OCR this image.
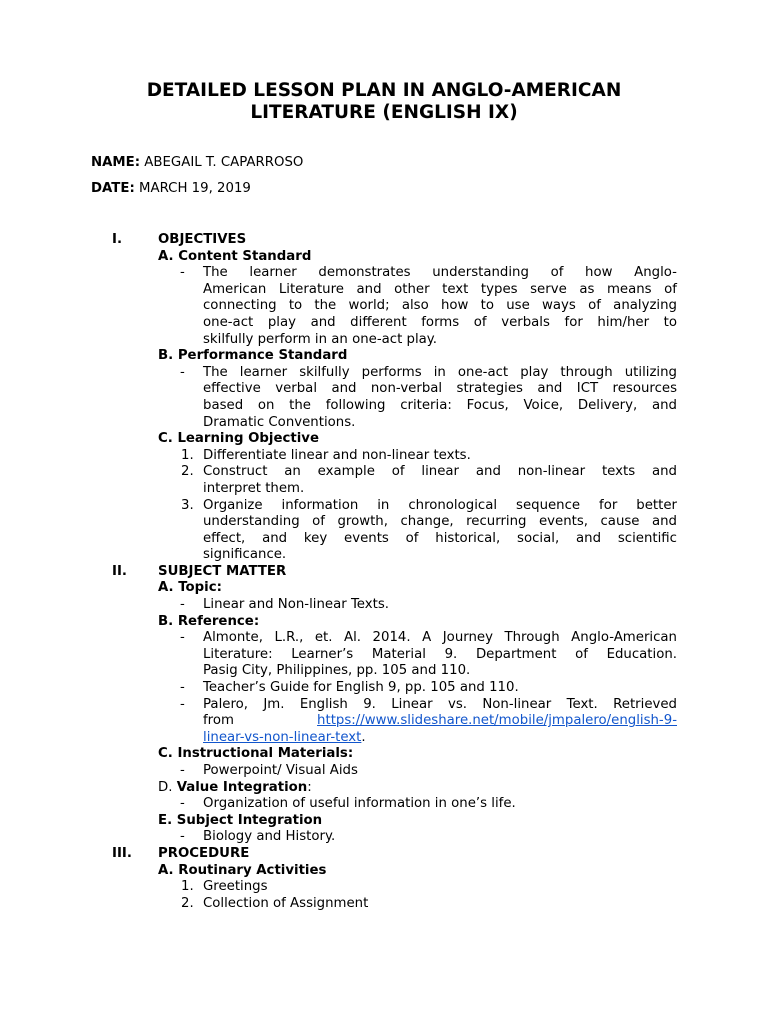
DETAILED LESSON PLAN IN ANGLO-AMERICAN
LITERATURE (ENGLISH IX)
NAME: ABEGAIL T. CAPARROSO
DATE: MARCH 19, 2019
I.	OBJECTIVES
A. Content Standard
- The learner demonstrates understanding of how Anglo-
American Literature and other text types serve as means of
connecting to the world; also how to use ways of analyzing
one-act play and different forms of verbals for him/her to
skilfully perform in an one-act play.
B. Performance Standard
- The learner skilfully performs in one-act play through utilizing
effective verbal and non-verbal strategies and ICT resources
based on the following criteria: Focus, Voice, Delivery, and
Dramatic Conventions.
C. Learning Objective
1. Differentiate linear and non-linear texts.
2. Construct an example of linear and non-linear texts and
interpret them.
3. Organize information in chronological sequence for better
understanding of growth, change, recurring events, cause and
effect, and key events of historical, social, and scientific
significance.
II. SUBJECT MATTER
A. Topic:
- Linear and Non-linear Texts.
B. Reference:
- Almonte, L.R., et. Al. 2014. A Journey Through Anglo-American
Literature: Learner’s Material 9. Department of Education.
Pasig City, Philippines, pp. 105 and 110.
- Teacher’s Guide for English 9, pp. 105 and 110.
- Palero, Jm. English 9. Linear vs. Non-linear Text. Retrieved
from	https://www.slideshare.net/mobile/jmpalero/english-9-
linear-vs-non-linear-text.
C. Instructional Materials:
- Powerpoint/ Visual Aids
D. Value Integration:
- Organization of useful information in one’s life.
E. Subject Integration
- Biology and History.
III. PROCEDURE
A. Routinary Activities
1. Greetings
2. Collection of Assignment
